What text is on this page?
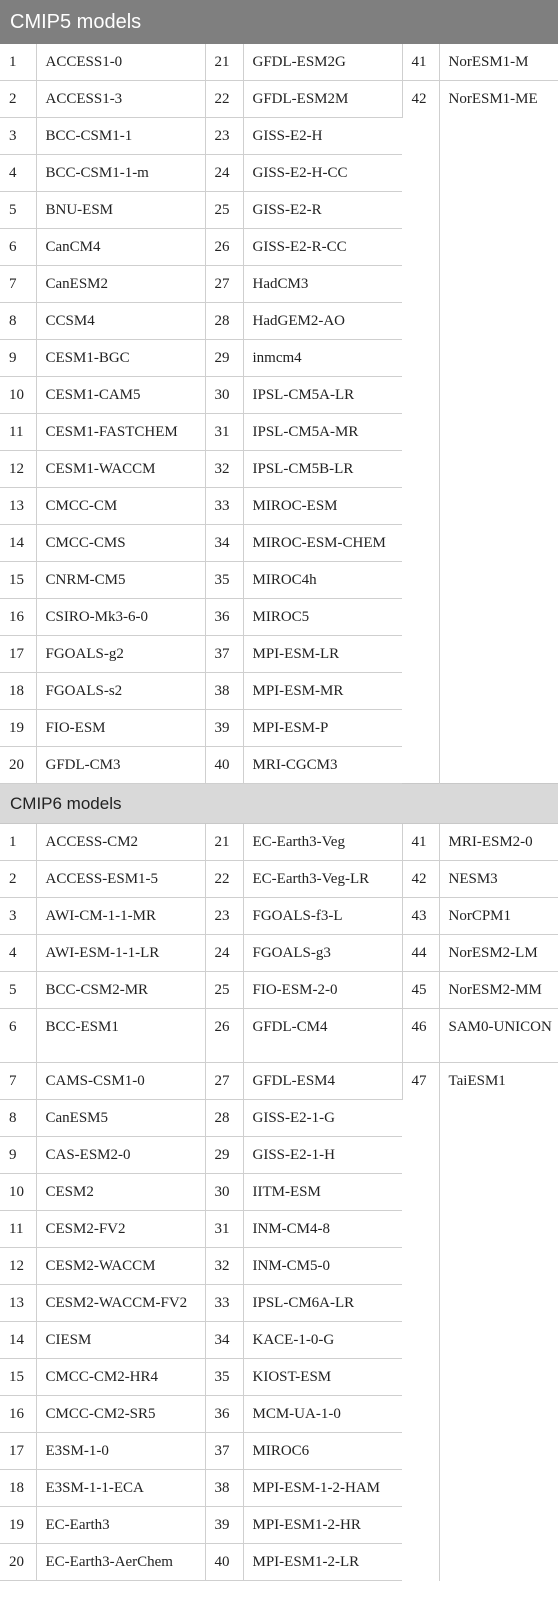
CMIP5 models					
1	ACCESS1-0	21	GFDL-ESM2G	41	NorESM1-M
2	ACCESS1-3	22	GFDL-ESM2M	42	NorESM1-ME
3	BCC-CSM1-1	23	GISS-E2-H		
4	BCC-CSM1-1-m	24	GISS-E2-H-CC		
5	BNU-ESM	25	GISS-E2-R		
6	CanCM4	26	GISS-E2-R-CC		
7	CanESM2	27	HadCM3		
8	CCSM4	28	HadGEM2-AO		
9	CESM1-BGC	29	inmcm4		
10	CESM1-CAM5	30	IPSL-CM5A-LR		
11	CESM1-FASTCHEM	31	IPSL-CM5A-MR		
12	CESM1-WACCM	32	IPSL-CM5B-LR		
13	CMCC-CM	33	MIROC-ESM		
14	CMCC-CMS	34	MIROC-ESM-CHEM		
15	CNRM-CM5	35	MIROC4h		
16	CSIRO-Mk3-6-0	36	MIROC5		
17	FGOALS-g2	37	MPI-ESM-LR		
18	FGOALS-s2	38	MPI-ESM-MR		
19	FIO-ESM	39	MPI-ESM-P		
20	GFDL-CM3	40	MRI-CGCM3		
CMIP6 models					
1	ACCESS-CM2	21	EC-Earth3-Veg	41	MRI-ESM2-0
2	ACCESS-ESM1-5	22	EC-Earth3-Veg-LR	42	NESM3
3	AWI-CM-1-1-MR	23	FGOALS-f3-L	43	NorCPM1
4	AWI-ESM-1-1-LR	24	FGOALS-g3	44	NorESM2-LM
5	BCC-CSM2-MR	25	FIO-ESM-2-0	45	NorESM2-MM
6	BCC-ESM1	26	GFDL-CM4	46	SAM0-UNICON
7	CAMS-CSM1-0	27	GFDL-ESM4	47	TaiESM1
8	CanESM5	28	GISS-E2-1-G		
9	CAS-ESM2-0	29	GISS-E2-1-H		
10	CESM2	30	IITM-ESM		
11	CESM2-FV2	31	INM-CM4-8		
12	CESM2-WACCM	32	INM-CM5-0		
13	CESM2-WACCM-FV2	33	IPSL-CM6A-LR		
14	CIESM	34	KACE-1-0-G		
15	CMCC-CM2-HR4	35	KIOST-ESM		
16	CMCC-CM2-SR5	36	MCM-UA-1-0		
17	E3SM-1-0	37	MIROC6		
18	E3SM-1-1-ECA	38	MPI-ESM-1-2-HAM		
19	EC-Earth3	39	MPI-ESM1-2-HR		
20	EC-Earth3-AerChem	40	MPI-ESM1-2-LR		
